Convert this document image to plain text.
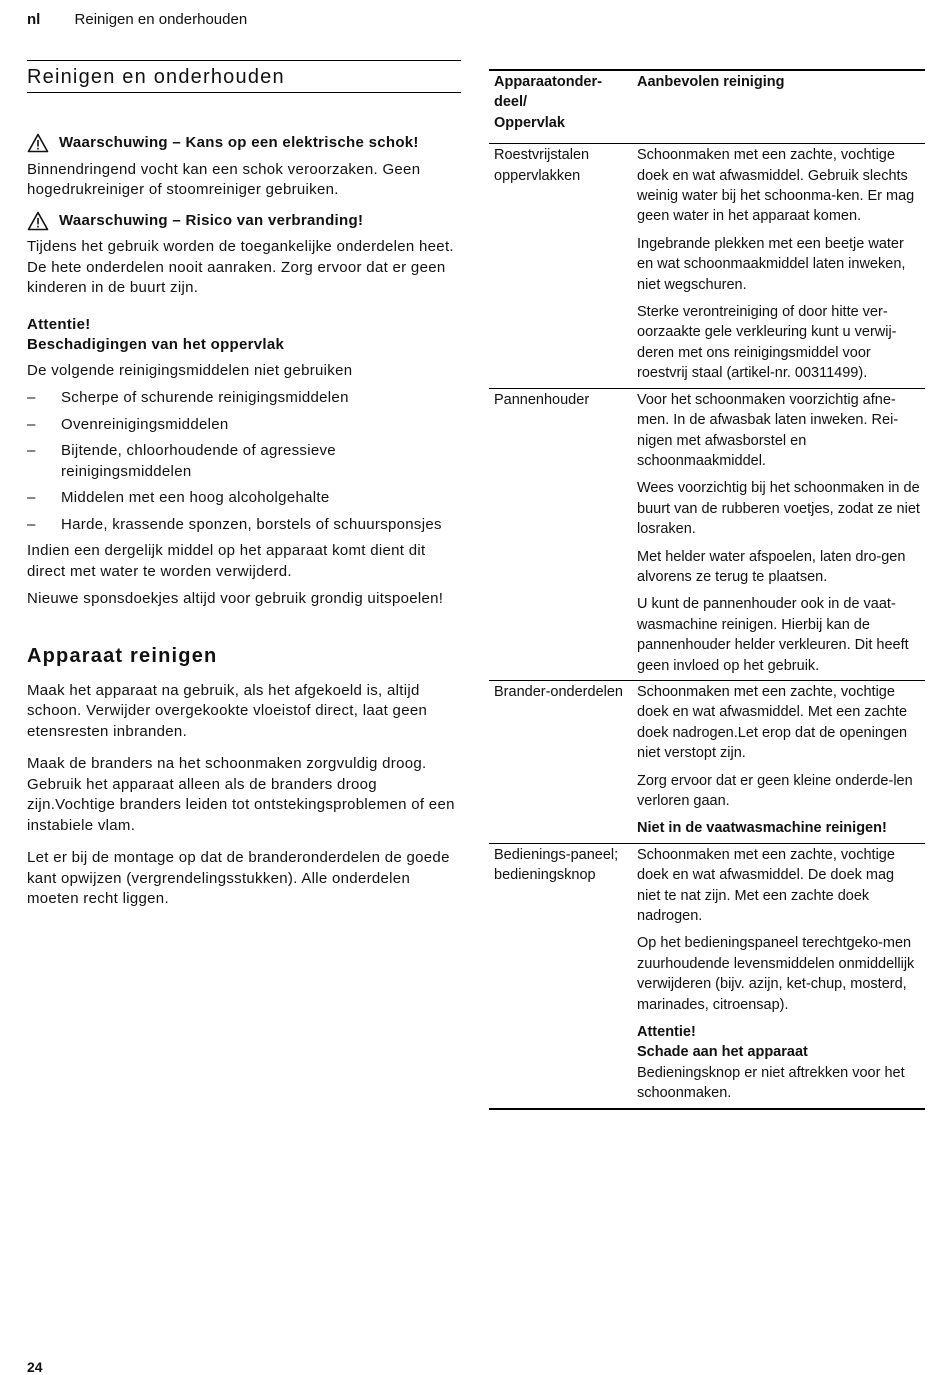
nl Reinigen en onderhouden
Reinigen en onderhouden
Waarschuwing – Kans op een elektrische schok!

Binnendringend vocht kan een schok veroorzaken. Geen hogedrukreiniger of stoomreiniger gebruiken.

Waarschuwing – Risico van verbranding!

Tijdens het gebruik worden de toegankelijke onderdelen heet. De hete onderdelen nooit aanraken. Zorg ervoor dat er geen kinderen in de buurt zijn.

Attentie!
Beschadigingen van het oppervlak

De volgende reinigingsmiddelen niet gebruiken

– Scherpe of schurende reinigingsmiddelen
– Ovenreinigingsmiddelen
– Bijtende, chloorhoudende of agressieve reinigingsmiddelen
– Middelen met een hoog alcoholgehalte
– Harde, krassende sponzen, borstels of schuursponsjes

Indien een dergelijk middel op het apparaat komt dient dit direct met water te worden verwijderd.

Nieuwe sponsdoekjes altijd voor gebruik grondig uitspoelen!

Apparaat reinigen

Maak het apparaat na gebruik, als het afgekoeld is, altijd schoon. Verwijder overgekookte vloeistof direct, laat geen etensresten inbranden.

Maak de branders na het schoonmaken zorgvuldig droog. Gebruik het apparaat alleen als de branders droog zijn.Vochtige branders leiden tot ontstekingsproblemen of een instabiele vlam.

Let er bij de montage op dat de branderonderdelen de goede kant opwijzen (vergrendelingsstukken). Alle onderdelen moeten recht liggen.

Apparaatonder-
deel/
Oppervlak	Aanbevolen reiniging
Roestvrijstalen oppervlakken	Schoonmaken met een zachte, vochtige doek en wat afwasmiddel. Gebruik slechts weinig water bij het schoonma-ken. Er mag geen water in het apparaat komen.

Ingebrande plekken met een beetje water en wat schoonmaakmiddel laten inweken, niet wegschuren.

Sterke verontreiniging of door hitte ver-oorzaakte gele verkleuring kunt u verwij-deren met ons reinigingsmiddel voor roestvrij staal (artikel-nr. 00311499).

Pannenhouder	Voor het schoonmaken voorzichtig afne-men. In de afwasbak laten inweken. Rei-nigen met afwasborstel en schoonmaakmiddel.

Wees voorzichtig bij het schoonmaken in de buurt van de rubberen voetjes, zodat ze niet losraken.

Met helder water afspoelen, laten dro-gen alvorens ze terug te plaatsen.

U kunt de pannenhouder ook in de vaat-wasmachine reinigen. Hierbij kan de pannenhouder helder verkleuren. Dit heeft geen invloed op het gebruik.

Brander-onderdelen	Schoonmaken met een zachte, vochtige doek en wat afwasmiddel. Met een zachte doek nadrogen.Let erop dat de openingen niet verstopt zijn.

Zorg ervoor dat er geen kleine onderde-len verloren gaan.

Niet in de vaatwasmachine reinigen!

Bedienings-paneel; bedieningsknop	Schoonmaken met een zachte, vochtige doek en wat afwasmiddel. De doek mag niet te nat zijn. Met een zachte doek nadrogen.

Op het bedieningspaneel terechtgeko-men zuurhoudende levensmiddelen onmiddellijk verwijderen (bijv. azijn, ket-chup, mosterd, marinades, citroensap).

Attentie!
Schade aan het apparaat
Bedieningsknop er niet aftrekken voor het schoonmaken.

24
